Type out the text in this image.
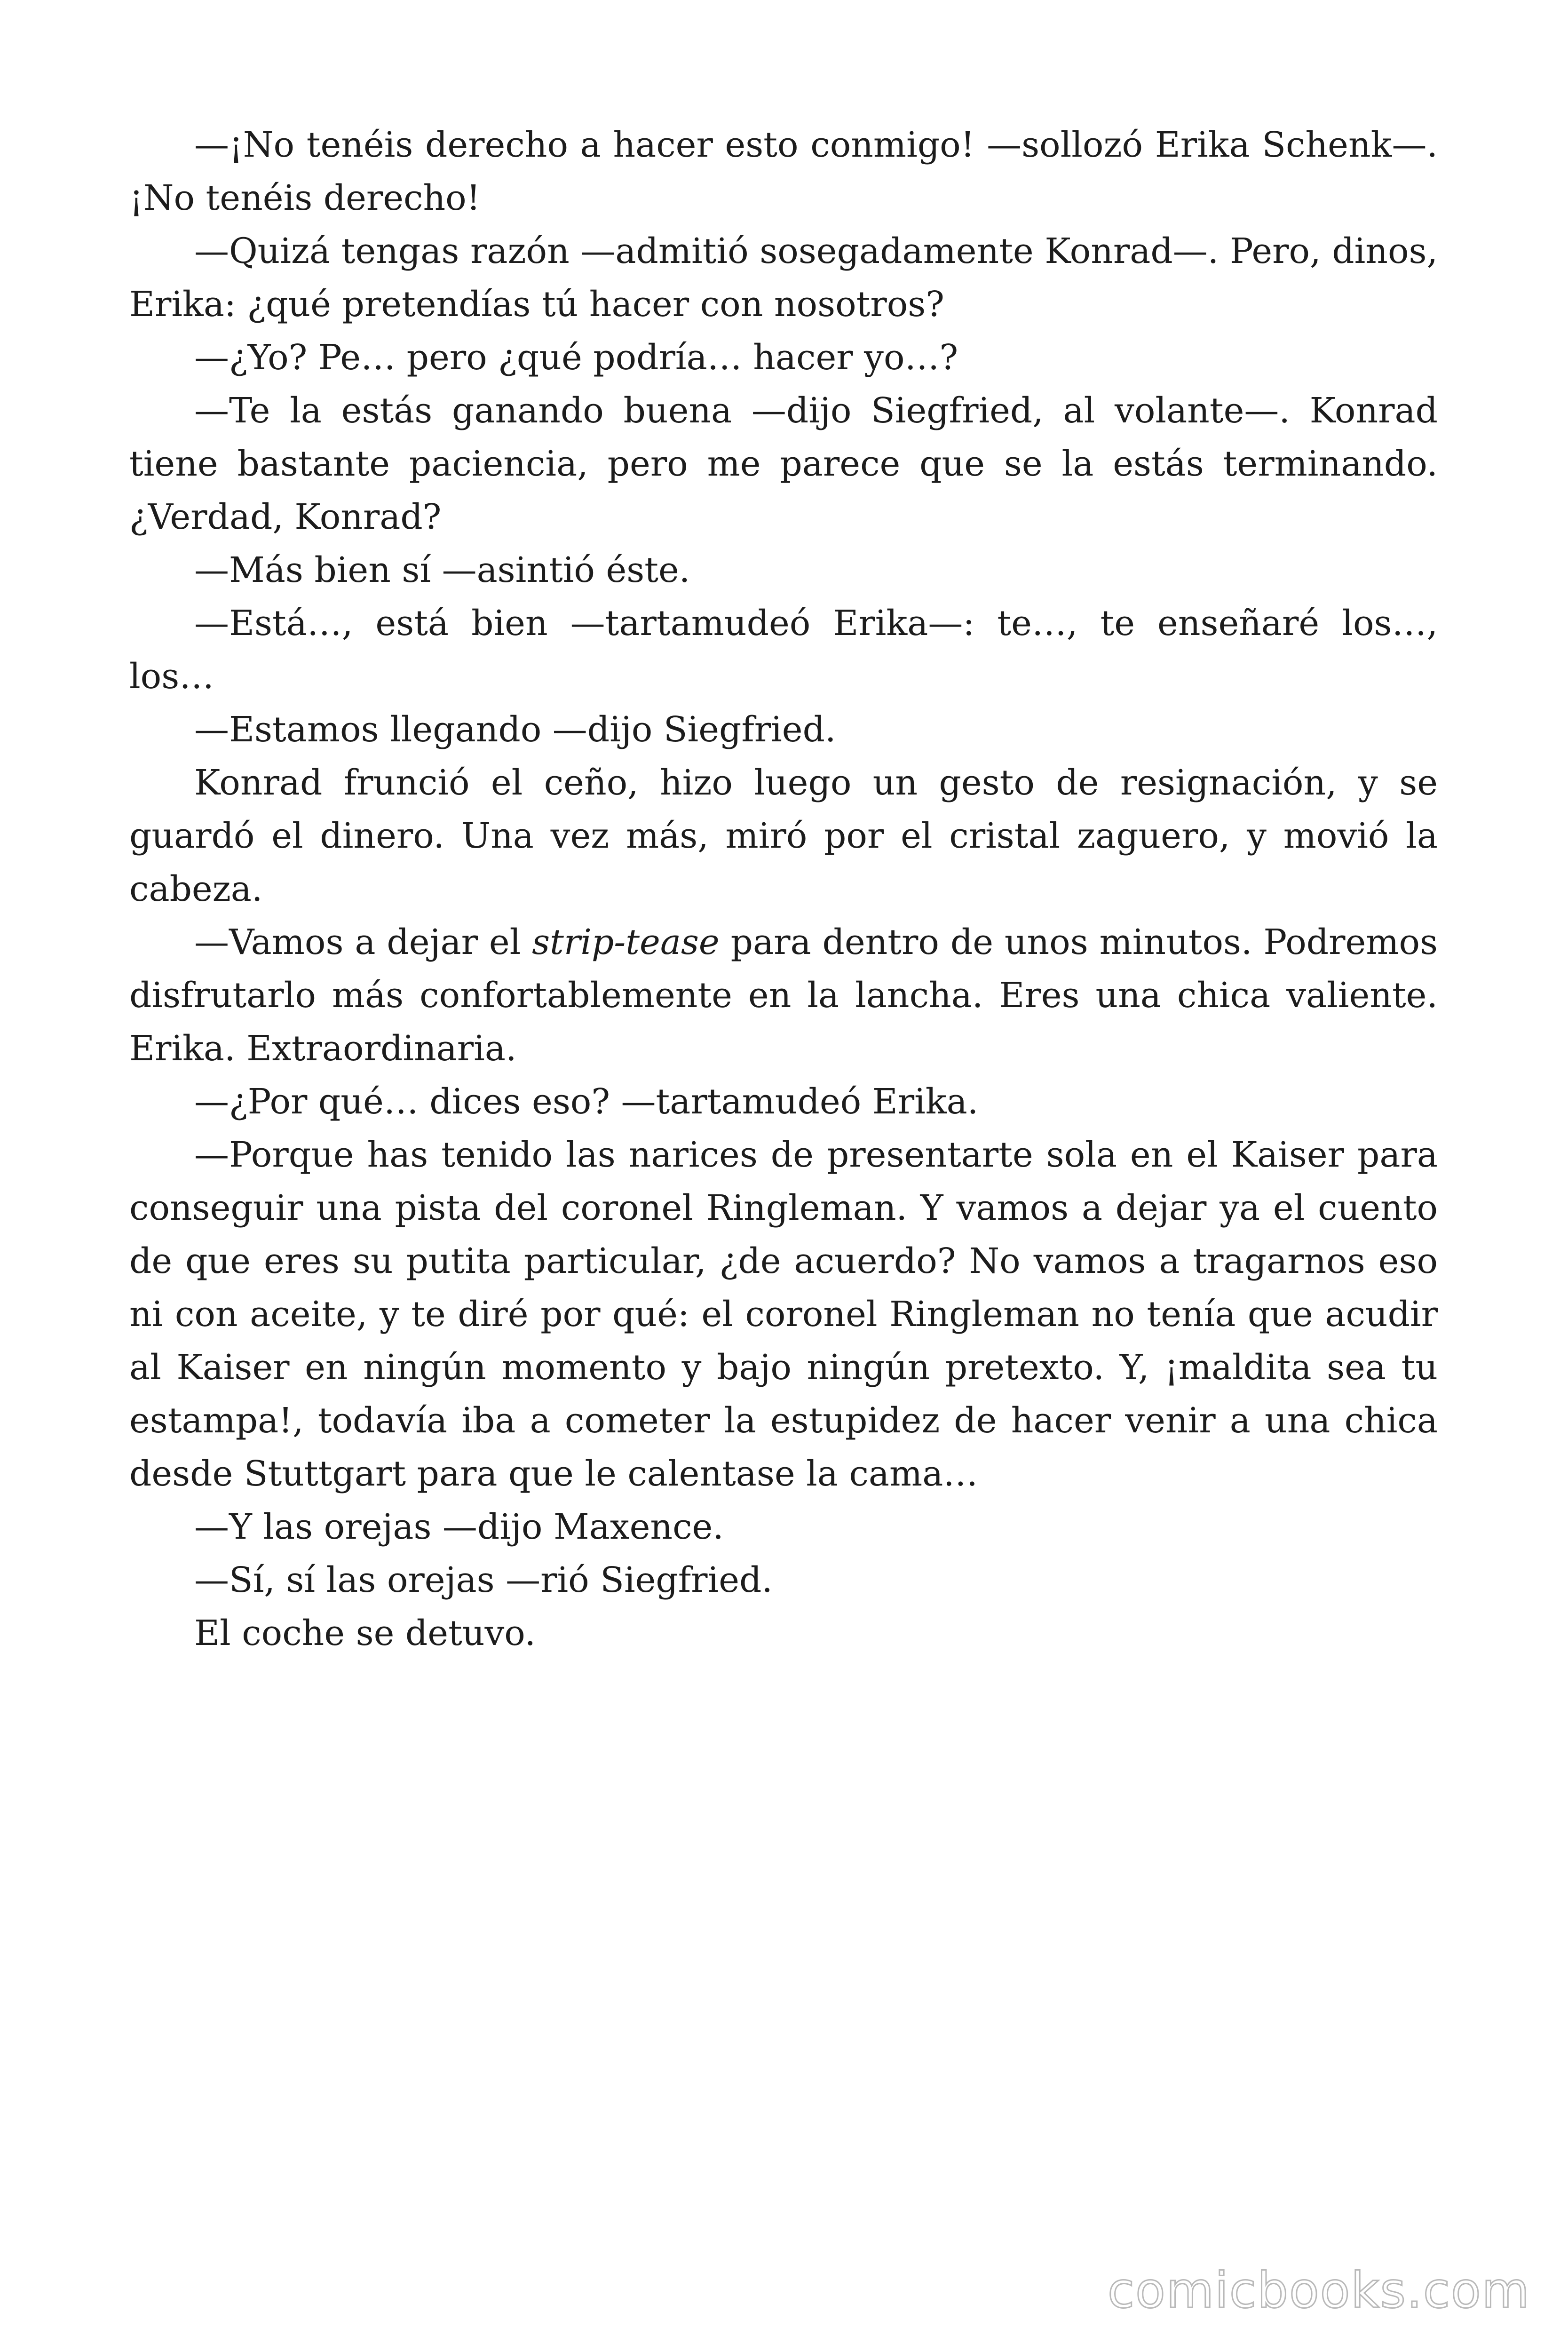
—¡No tenéis derecho a hacer esto conmigo! —sollozó Erika Schenk—. ¡No tenéis derecho!

—Quizá tengas razón —admitió sosegadamente Konrad—. Pero, dinos, Erika: ¿qué pretendías tú hacer con nosotros?

—¿Yo? Pe… pero ¿qué podría… hacer yo…?

—Te la estás ganando buena —dijo Siegfried, al volante—. Konrad tiene bastante paciencia, pero me parece que se la estás terminando. ¿Verdad, Konrad?

—Más bien sí —asintió éste.

—Está…, está bien —tartamudeó Erika—: te…, te enseñaré los…, los…

—Estamos llegando —dijo Siegfried.

Konrad frunció el ceño, hizo luego un gesto de resignación, y se guardó el dinero. Una vez más, miró por el cristal zaguero, y movió la cabeza.

—Vamos a dejar el strip-tease para dentro de unos minutos. Podremos disfrutarlo más confortablemente en la lancha. Eres una chica valiente. Erika. Extraordinaria.

—¿Por qué… dices eso? —tartamudeó Erika.

—Porque has tenido las narices de presentarte sola en el Kaiser para conseguir una pista del coronel Ringleman. Y vamos a dejar ya el cuento de que eres su putita particular, ¿de acuerdo? No vamos a tragarnos eso ni con aceite, y te diré por qué: el coronel Ringleman no tenía que acudir al Kaiser en ningún momento y bajo ningún pretexto. Y, ¡maldita sea tu estampa!, todavía iba a cometer la estupidez de hacer venir a una chica desde Stuttgart para que le calentase la cama…

—Y las orejas —dijo Maxence.

—Sí, sí las orejas —rió Siegfried.

El coche se detuvo.

comicbooks.com
